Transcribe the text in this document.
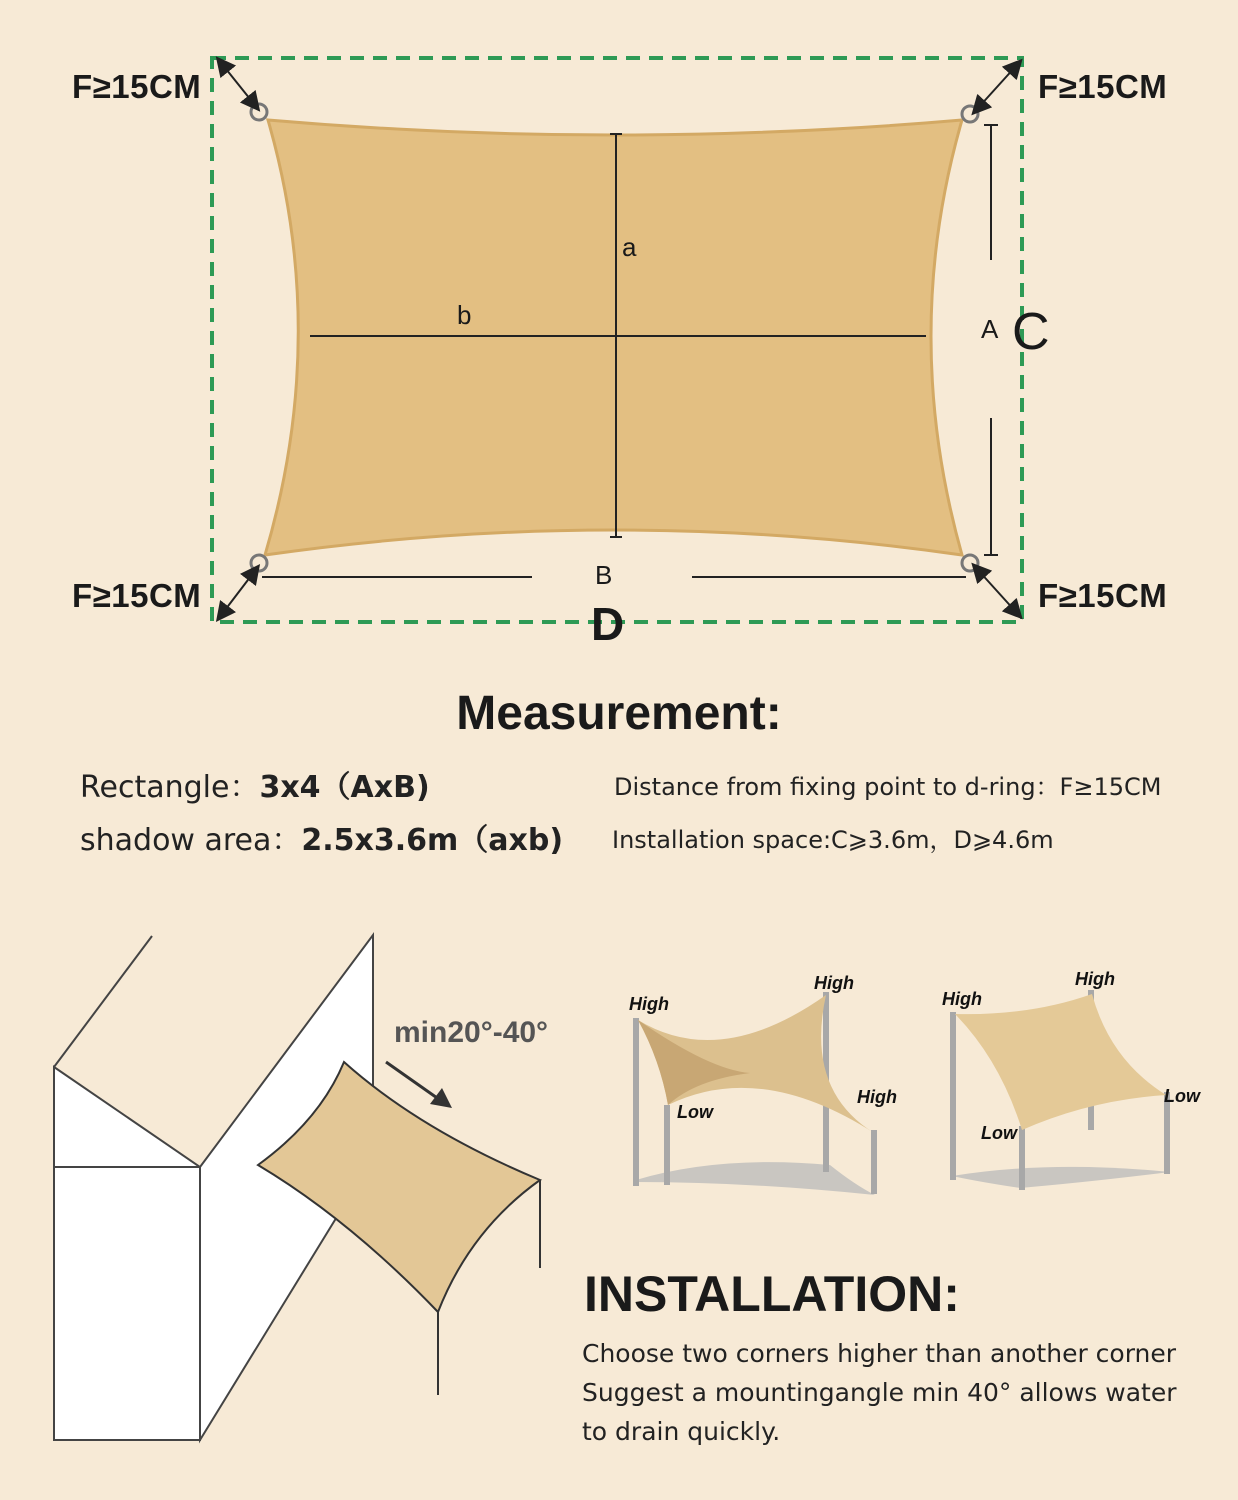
F≥15CM	F≥15CM
F≥15CM	F≥15CM
a
b	A C
B
D
Measurement:
Rectangle：3x4（AxB)
shadow area：2.5x3.6m（axb)
Distance from fixing point to d-ring：F≥15CM
Installation space:C⩾3.6m，D⩾4.6m
min20°-40°
High
High
High
Low
High
High
Low
Low
INSTALLATION:
Choose two corners higher than another corner
Suggest a mountingangle min 40° allows water
to drain quickly.
